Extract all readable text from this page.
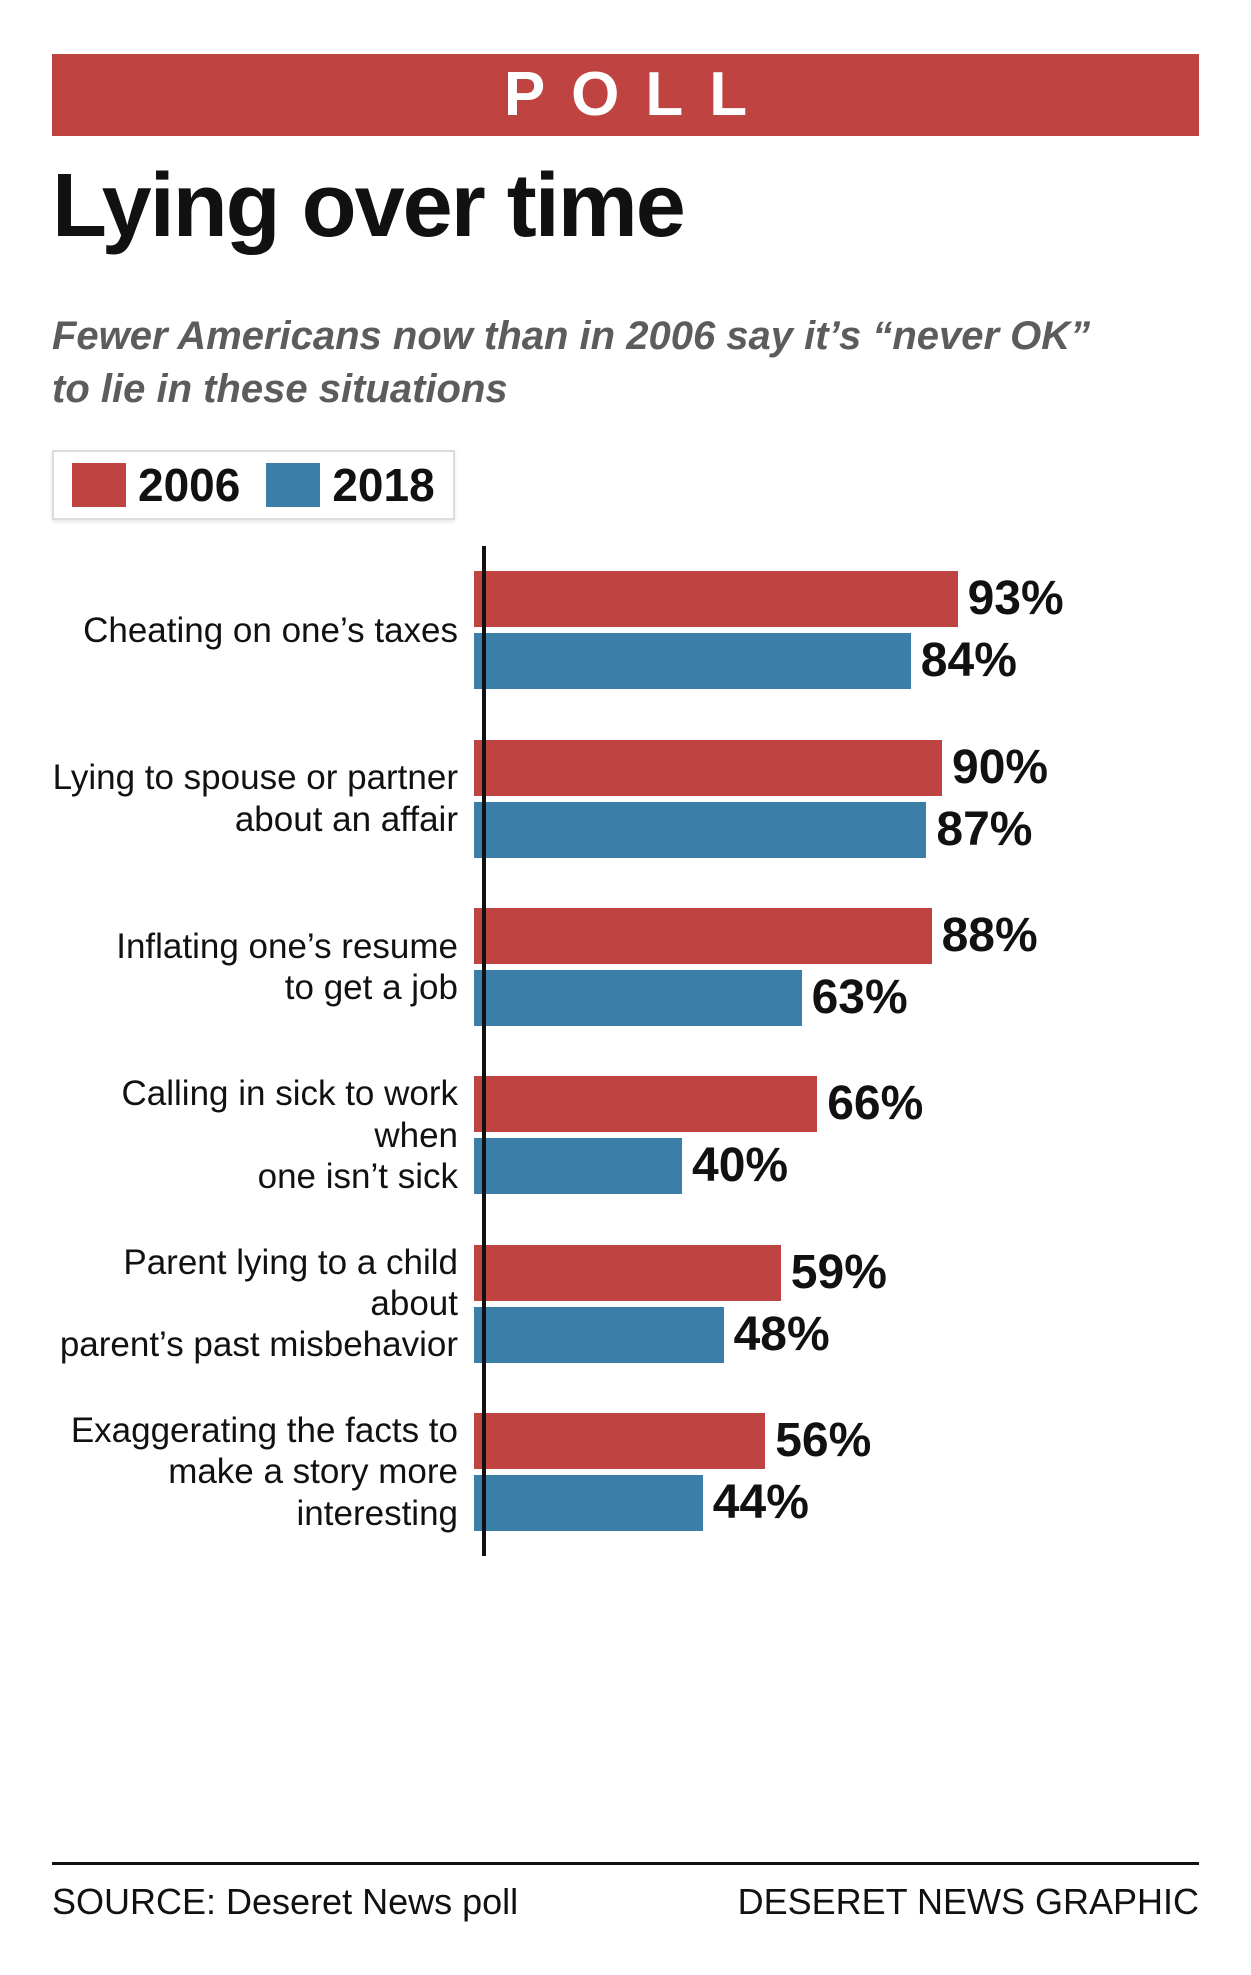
POLL
Lying over time
Fewer Americans now than in 2006 say it’s “never OK” to lie in these situations
2006 2018
Cheating on one’s taxes
93%
84%
Lying to spouse or partner
about an affair
90%
87%
Inflating one’s resume
to get a job
88%
63%
Calling in sick to work when
one isn’t sick
66%
40%
Parent lying to a child about
parent’s past misbehavior
59%
48%
Exaggerating the facts to
make a story more interesting
56%
44%
SOURCE: Deseret News poll	DESERET NEWS GRAPHIC
